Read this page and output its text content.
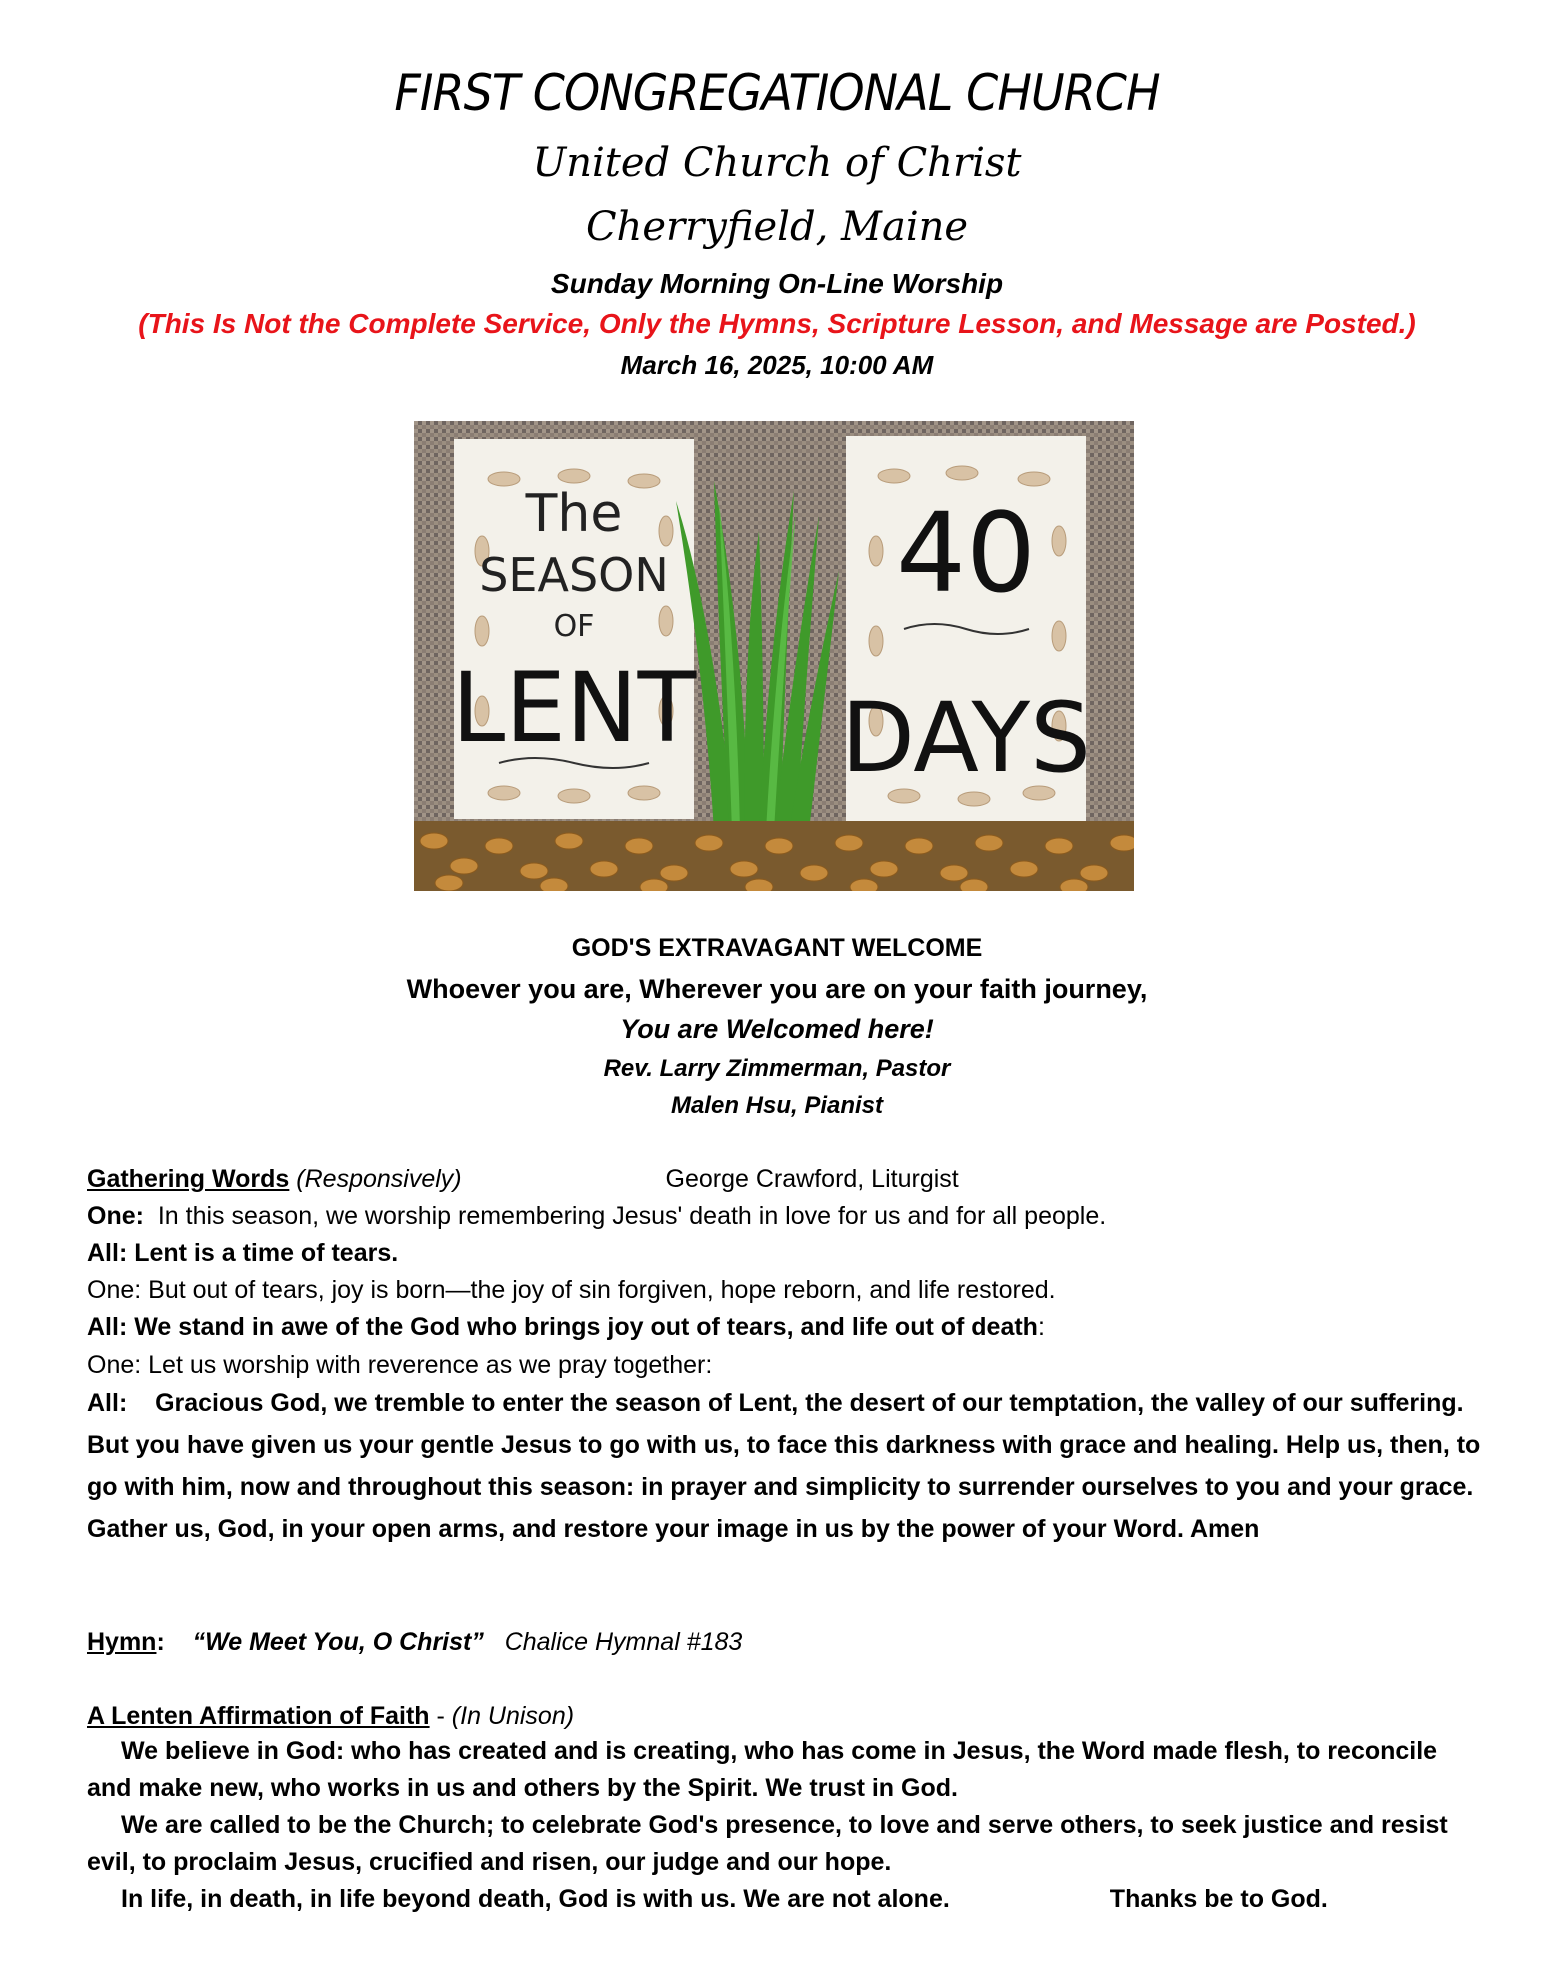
FIRST CONGREGATIONAL CHURCH
United Church of Christ
Cherryfield, Maine
Sunday Morning On-Line Worship
(This Is Not the Complete Service, Only the Hymns, Scripture Lesson, and Message are Posted.)
March 16, 2025, 10:00 AM
The
SEASON
OF
LENT
40
DAYS
GOD'S EXTRAVAGANT WELCOME
Whoever you are, Wherever you are on your faith journey,
You are Welcomed here!
Rev. Larry Zimmerman, Pastor
Malen Hsu, Pianist
Gathering Words (Responsively)	George Crawford, Liturgist
One: In this season, we worship remembering Jesus' death in love for us and for all people.
All: Lent is a time of tears.
One: But out of tears, joy is born—the joy of sin forgiven, hope reborn, and life restored.
All: We stand in awe of the God who brings joy out of tears, and life out of death:
One: Let us worship with reverence as we pray together:
All: Gracious God, we tremble to enter the season of Lent, the desert of our temptation, the valley of our suffering. But you have given us your gentle Jesus to go with us, to face this darkness with grace and healing. Help us, then, to go with him, now and throughout this season: in prayer and simplicity to surrender ourselves to you and your grace. Gather us, God, in your open arms, and restore your image in us by the power of your Word. Amen
Hymn: “We Meet You, O Christ” Chalice Hymnal #183
A Lenten Affirmation of Faith - (In Unison)
We believe in God: who has created and is creating, who has come in Jesus, the Word made flesh, to reconcile and make new, who works in us and others by the Spirit. We trust in God.
We are called to be the Church; to celebrate God's presence, to love and serve others, to seek justice and resist evil, to proclaim Jesus, crucified and risen, our judge and our hope.
In life, in death, in life beyond death, God is with us. We are not alone.	Thanks be to God.
